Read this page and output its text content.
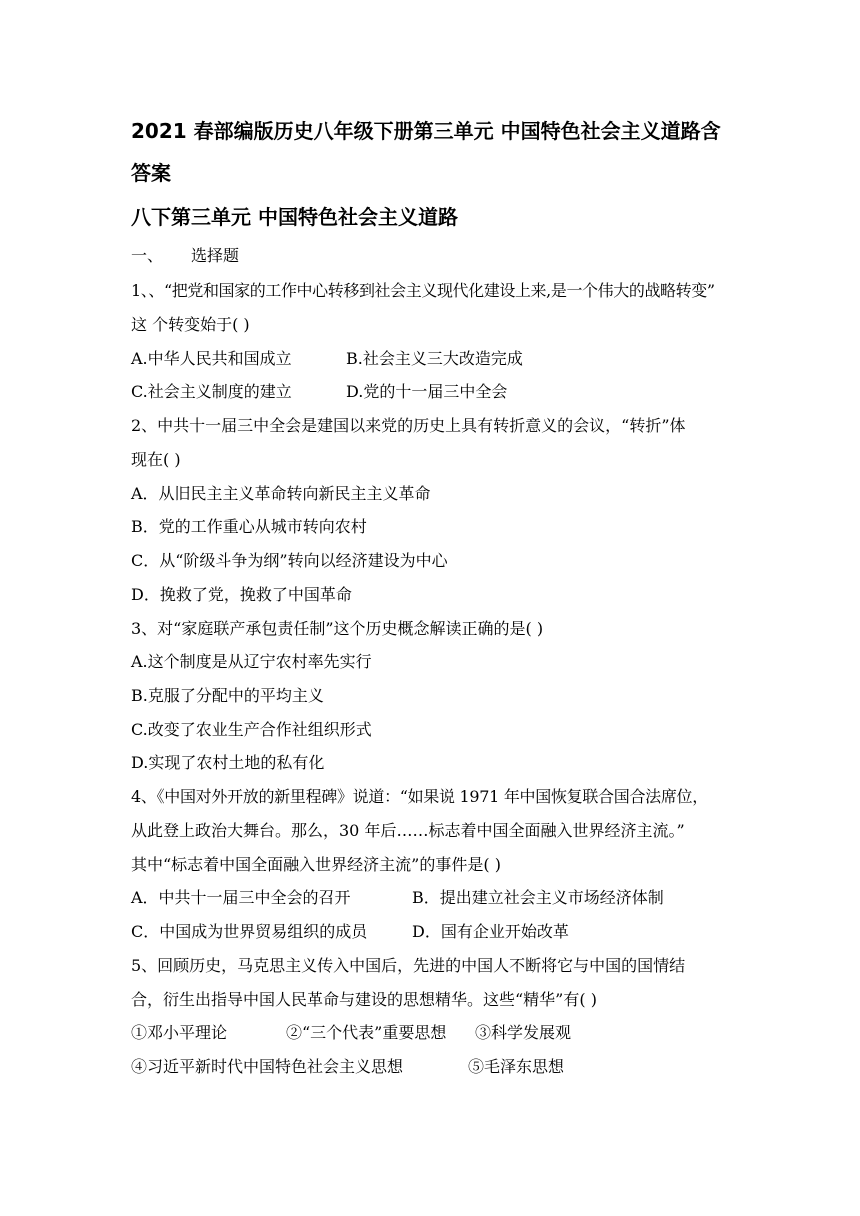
2021 春部编版历史八年级下册第三单元 中国特色社会主义道路含
答案
八下第三单元 中国特色社会主义道路
一、 选择题
1、、“把党和国家的工作中心转移到社会主义现代化建设上来,是一个伟大的战略转变”
这 个转变始于( )
A.中华人民共和国成立	B.社会主义三大改造完成
C.社会主义制度的建立	D.党的十一届三中全会
2、中共十一届三中全会是建国以来党的历史上具有转折意义的会议，“转折”体
现在( )
A．从旧民主主义革命转向新民主主义革命
B．党的工作重心从城市转向农村
C．从“阶级斗争为纲”转向以经济建设为中心
D．挽救了党，挽救了中国革命
3、对“家庭联产承包责任制”这个历史概念解读正确的是( )
A.这个制度是从辽宁农村率先实行
B.克服了分配中的平均主义
C.改变了农业生产合作社组织形式
D.实现了农村土地的私有化
4、《中国对外开放的新里程碑》说道：“如果说 1971 年中国恢复联合国合法席位，
从此登上政治大舞台。那么，30 年后……标志着中国全面融入世界经济主流。”
其中“标志着中国全面融入世界经济主流”的事件是( )
A．中共十一届三中全会的召开	B．提出建立社会主义市场经济体制
C．中国成为世界贸易组织的成员	D．国有企业开始改革
5、回顾历史，马克思主义传入中国后，先进的中国人不断将它与中国的国情结
合，衍生出指导中国人民革命与建设的思想精华。这些“精华”有( )
①邓小平理论	②“三个代表”重要思想 ③科学发展观
④习近平新时代中国特色社会主义思想	⑤毛泽东思想
